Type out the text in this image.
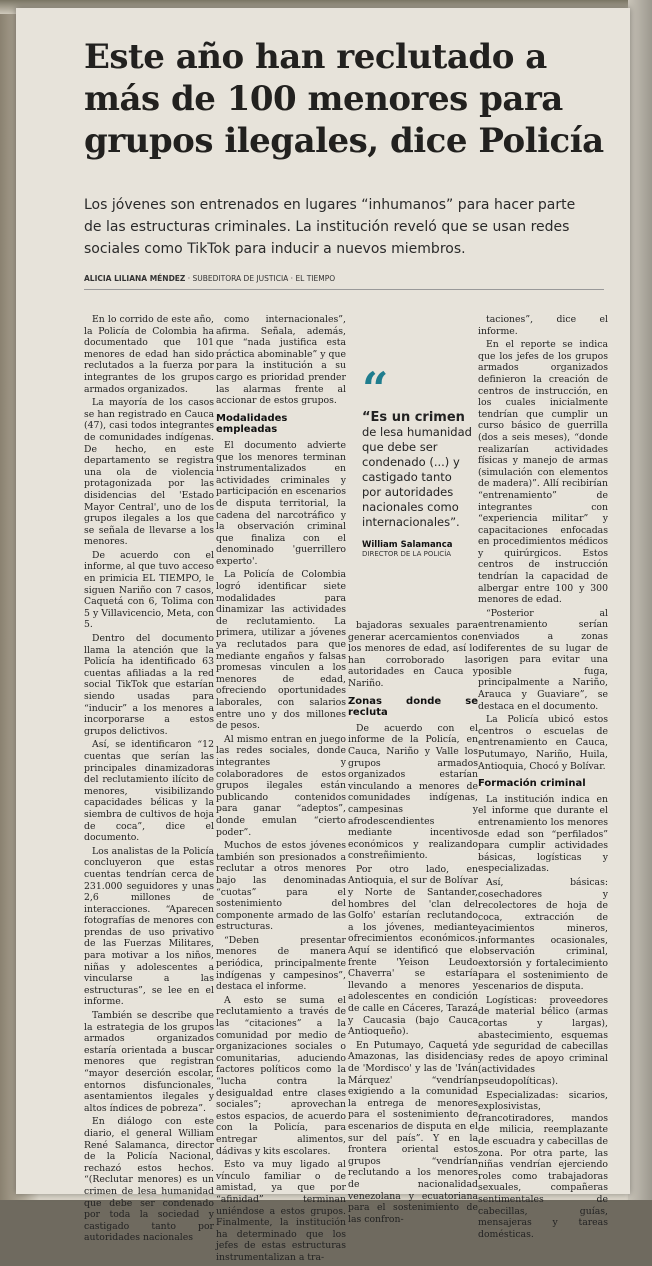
Este año han reclutado a más de 100 menores para grupos ilegales, dice Policía

Los jóvenes son entrenados en lugares “inhumanos” para hacer parte de las estructuras criminales. La institución reveló que se usan redes sociales como TikTok para inducir a nuevos miembros.

ALICIA LILIANA MÉNDEZ · SUBEDITORA DE JUSTICIA · EL TIEMPO

En lo corrido de este año, la Policía de Colombia ha documentado que 101 menores de edad han sido reclutados a la fuerza por integrantes de los grupos armados organizados.

La mayoría de los casos se han registrado en Cauca (47), casi todos integrantes de comunidades indígenas. De hecho, en este departamento se registra una ola de violencia protagonizada por las disidencias del 'Estado Mayor Central', uno de los grupos ilegales a los que se señala de llevarse a los menores.

De acuerdo con el informe, al que tuvo acceso en primicia EL TIEMPO, le siguen Nariño con 7 casos, Caquetá con 6, Tolima con 5 y Villavicencio, Meta, con 5.

Dentro del documento llama la atención que la Policía ha identificado 63 cuentas afiliadas a la red social TikTok que estarían siendo usadas para “inducir” a los menores a incorporarse a estos grupos delictivos.

Así, se identificaron “12 cuentas que serían las principales dinamizadoras del reclutamiento ilícito de menores, visibilizando capacidades bélicas y la siembra de cultivos de hoja de coca”, dice el documento.

Los analistas de la Policía concluyeron que estas cuentas tendrían cerca de 231.000 seguidores y unas 2,6 millones de interacciones. “Aparecen fotografías de menores con prendas de uso privativo de las Fuerzas Militares, para motivar a los niños, niñas y adolescentes a vincularse a las estructuras”, se lee en el informe.

También se describe que la estrategia de los grupos armados organizados estaría orientada a buscar menores que registran “mayor deserción escolar, entornos disfuncionales, asentamientos ilegales y altos índices de pobreza”.

En diálogo con este diario, el general William René Salamanca, director de la Policía Nacional, rechazó estos hechos. “(Reclutar menores) es un crimen de lesa humanidad que debe ser condenado por toda la sociedad y castigado tanto por autoridades nacionales

como internacionales”, afirma. Señala, además, que “nada justifica esta práctica abominable” y que para la institución a su cargo es prioridad prender las alarmas frente al accionar de estos grupos.

Modalidades empleadas

El documento advierte que los menores terminan instrumentalizados en actividades criminales y participación en escenarios de disputa territorial, la cadena del narcotráfico y la observación criminal que finaliza con el denominado 'guerrillero experto'.

La Policía de Colombia logró identificar siete modalidades para dinamizar las actividades de reclutamiento. La primera, utilizar a jóvenes ya reclutados para que mediante engaños y falsas promesas vinculen a los menores de edad, ofreciendo oportunidades laborales, con salarios entre uno y dos millones de pesos.

Al mismo entran en juego las redes sociales, donde integrantes y colaboradores de estos grupos ilegales están publicando contenidos para ganar “adeptos”, donde emulan “cierto poder”.

Muchos de estos jóvenes también son presionados a reclutar a otros menores bajo las denominadas “cuotas” para el sostenimiento del componente armado de las estructuras.

“Deben presentar menores de manera periódica, principalmente indígenas y campesinos”, destaca el informe.

A esto se suma el reclutamiento a través de las “citaciones” a la comunidad por medio de organizaciones sociales o comunitarias, aduciendo factores políticos como la “lucha contra la desigualdad entre clases sociales”; aprovechan estos espacios, de acuerdo con la Policía, para entregar alimentos, dádivas y kits escolares.

Esto va muy ligado al vínculo familiar o de amistad, ya que por “afinidad” terminan uniéndose a estos grupos. Finalmente, la institución ha determinado que los jefes de estas estructuras instrumentalizan a tra-

“
“Es un crimen de lesa humanidad que debe ser condenado (...) y castigado tanto por autoridades nacionales como internacionales”.
William Salamanca
DIRECTOR DE LA POLICÍA

bajadoras sexuales para generar acercamientos con los menores de edad, así lo han corroborado las autoridades en Cauca y Nariño.

Zonas donde se recluta

De acuerdo con el informe de la Policía, en Cauca, Nariño y Valle los grupos armados organizados estarían vinculando a menores de comunidades indígenas, campesinas y afrodescendientes mediante incentivos económicos y realizando constreñimiento.

Por otro lado, en Antioquia, el sur de Bolívar y Norte de Santander, hombres del 'clan del Golfo' estarían reclutando a los jóvenes, mediante ofrecimientos económicos. Aquí se identificó que el frente 'Yeison Leudo Chaverra' se estaría llevando a menores y adolescentes en condición de calle en Cáceres, Tarazá y Caucasia (bajo Cauca Antioqueño).

En Putumayo, Caquetá y Amazonas, las disidencias de 'Mordisco' y las de 'Iván Márquez' “vendrían exigiendo a la comunidad la entrega de menores para el sostenimiento de escenarios de disputa en el sur del país”. Y en la frontera oriental estos grupos “vendrían reclutando a los menores de nacionalidad venezolana y ecuatoriana para el sostenimiento de las confron-

taciones”, dice el informe.

En el reporte se indica que los jefes de los grupos armados organizados definieron la creación de centros de instrucción, en los cuales inicialmente tendrían que cumplir un curso básico de guerrilla (dos a seis meses), “donde realizarían actividades físicas y manejo de armas (simulación con elementos de madera)”. Allí recibirían “entrenamiento” de integrantes con “experiencia militar” y capacitaciones enfocadas en procedimientos médicos y quirúrgicos. Estos centros de instrucción tendrían la capacidad de albergar entre 100 y 300 menores de edad.

“Posterior al entrenamiento serían enviados a zonas diferentes de su lugar de origen para evitar una posible fuga, principalmente a Nariño, Arauca y Guaviare”, se destaca en el documento.

La Policía ubicó estos centros o escuelas de entrenamiento en Cauca, Putumayo, Nariño, Huila, Antioquia, Chocó y Bolívar.

Formación criminal

La institución indica en el informe que durante el entrenamiento los menores de edad son “perfilados” para cumplir actividades básicas, logísticas y especializadas.

Así, básicas: cosechadores y recolectores de hoja de coca, extracción de yacimientos mineros, informantes ocasionales, observación criminal, extorsión y fortalecimiento para el sostenimiento de escenarios de disputa.

Logísticas: proveedores de material bélico (armas cortas y largas), abastecimiento, esquemas de seguridad de cabecillas y redes de apoyo criminal (actividades pseudopolíticas).

Especializadas: sicarios, explosivistas, francotiradores, mandos de milicia, reemplazante de escuadra y cabecillas de zona. Por otra parte, las niñas vendrían ejerciendo roles como trabajadoras sexuales, compañeras sentimentales de cabecillas, guías, mensajeras y tareas domésticas.
